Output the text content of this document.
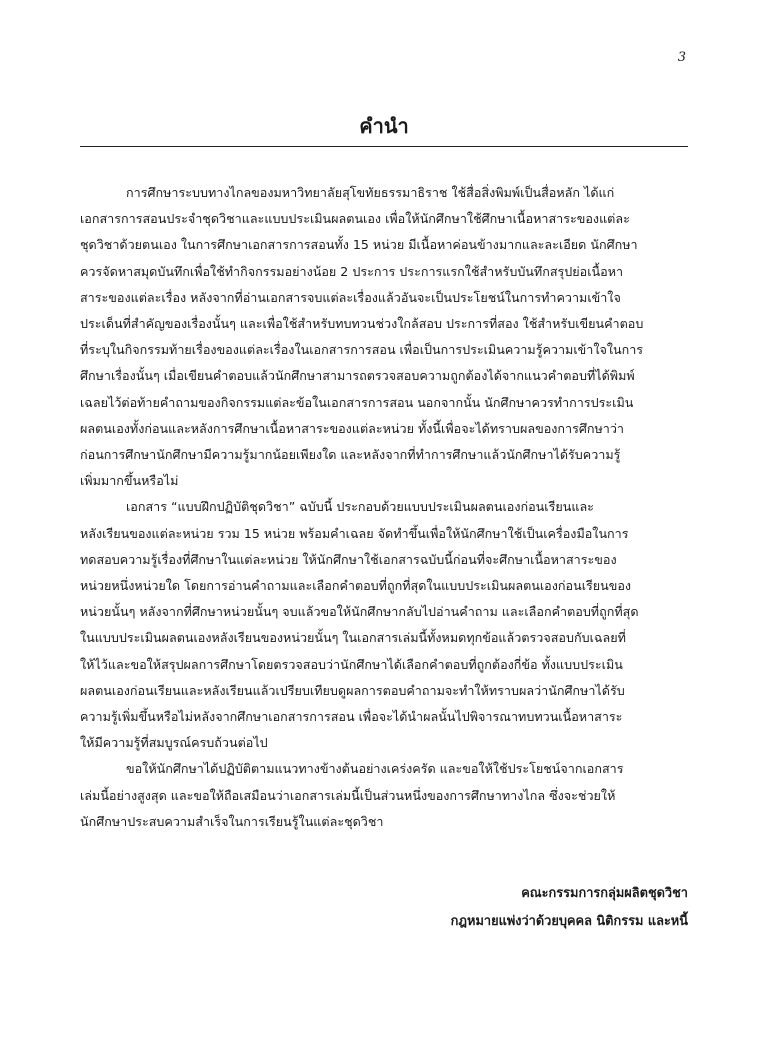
3
คำนำ

การศึกษาระบบทางไกลของมหาวิทยาลัยสุโขทัยธรรมาธิราช ใช้สื่อสิ่งพิมพ์เป็นสื่อหลัก ได้แก่
เอกสารการสอนประจำชุดวิชาและแบบประเมินผลตนเอง เพื่อให้นักศึกษาใช้ศึกษาเนื้อหาสาระของแต่ละ
ชุดวิชาด้วยตนเอง ในการศึกษาเอกสารการสอนทั้ง 15 หน่วย มีเนื้อหาค่อนข้างมากและละเอียด นักศึกษา
ควรจัดหาสมุดบันทึกเพื่อใช้ทำกิจกรรมอย่างน้อย 2 ประการ ประการแรกใช้สำหรับบันทึกสรุปย่อเนื้อหา
สาระของแต่ละเรื่อง หลังจากที่อ่านเอกสารจบแต่ละเรื่องแล้วอันจะเป็นประโยชน์ในการทำความเข้าใจ
ประเด็นที่สำคัญของเรื่องนั้นๆ และเพื่อใช้สำหรับทบทวนช่วงใกล้สอบ ประการที่สอง ใช้สำหรับเขียนคำตอบ
ที่ระบุในกิจกรรมท้ายเรื่องของแต่ละเรื่องในเอกสารการสอน เพื่อเป็นการประเมินความรู้ความเข้าใจในการ
ศึกษาเรื่องนั้นๆ เมื่อเขียนคำตอบแล้วนักศึกษาสามารถตรวจสอบความถูกต้องได้จากแนวคำตอบที่ได้พิมพ์
เฉลยไว้ต่อท้ายคำถามของกิจกรรมแต่ละข้อในเอกสารการสอน นอกจากนั้น นักศึกษาควรทำการประเมิน
ผลตนเองทั้งก่อนและหลังการศึกษาเนื้อหาสาระของแต่ละหน่วย ทั้งนี้เพื่อจะได้ทราบผลของการศึกษาว่า
ก่อนการศึกษานักศึกษามีความรู้มากน้อยเพียงใด และหลังจากที่ทำการศึกษาแล้วนักศึกษาได้รับความรู้
เพิ่มมากขึ้นหรือไม่

เอกสาร “แบบฝึกปฏิบัติชุดวิชา” ฉบับนี้ ประกอบด้วยแบบประเมินผลตนเองก่อนเรียนและ
หลังเรียนของแต่ละหน่วย รวม 15 หน่วย พร้อมคำเฉลย จัดทำขึ้นเพื่อให้นักศึกษาใช้เป็นเครื่องมือในการ
ทดสอบความรู้เรื่องที่ศึกษาในแต่ละหน่วย ให้นักศึกษาใช้เอกสารฉบับนี้ก่อนที่จะศึกษาเนื้อหาสาระของ
หน่วยหนึ่งหน่วยใด โดยการอ่านคำถามและเลือกคำตอบที่ถูกที่สุดในแบบประเมินผลตนเองก่อนเรียนของ
หน่วยนั้นๆ หลังจากที่ศึกษาหน่วยนั้นๆ จบแล้วขอให้นักศึกษากลับไปอ่านคำถาม และเลือกคำตอบที่ถูกที่สุด
ในแบบประเมินผลตนเองหลังเรียนของหน่วยนั้นๆ ในเอกสารเล่มนี้ทั้งหมดทุกข้อแล้วตรวจสอบกับเฉลยที่
ให้ไว้และขอให้สรุปผลการศึกษาโดยตรวจสอบว่านักศึกษาได้เลือกคำตอบที่ถูกต้องกี่ข้อ ทั้งแบบประเมิน
ผลตนเองก่อนเรียนและหลังเรียนแล้วเปรียบเทียบดูผลการตอบคำถามจะทำให้ทราบผลว่านักศึกษาได้รับ
ความรู้เพิ่มขึ้นหรือไม่หลังจากศึกษาเอกสารการสอน เพื่อจะได้นำผลนั้นไปพิจารณาทบทวนเนื้อหาสาระ
ให้มีความรู้ที่สมบูรณ์ครบถ้วนต่อไป

ขอให้นักศึกษาได้ปฏิบัติตามแนวทางข้างต้นอย่างเคร่งครัด และขอให้ใช้ประโยชน์จากเอกสาร
เล่มนี้อย่างสูงสุด และขอให้ถือเสมือนว่าเอกสารเล่มนี้เป็นส่วนหนึ่งของการศึกษาทางไกล ซึ่งจะช่วยให้
นักศึกษาประสบความสำเร็จในการเรียนรู้ในแต่ละชุดวิชา

คณะกรรมการกลุ่มผลิตชุดวิชา
กฎหมายแพ่งว่าด้วยบุคคล นิติกรรม และหนี้
